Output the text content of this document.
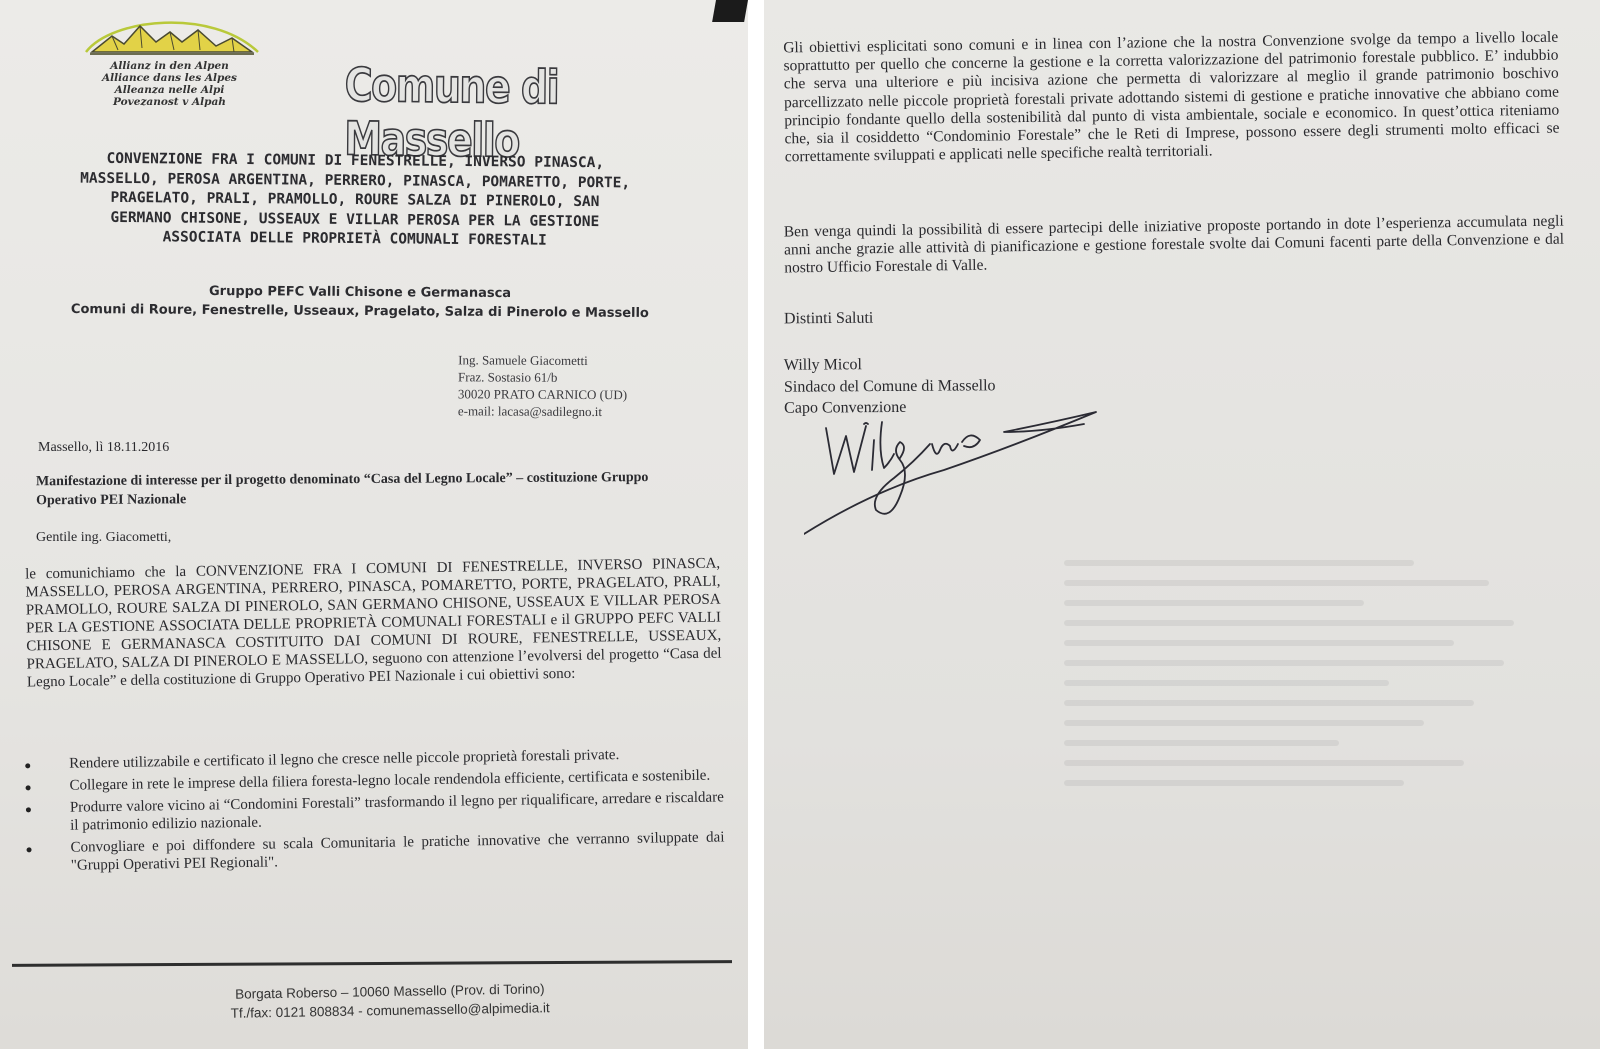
Allianz in den Alpen
Alliance dans les Alpes
Alleanza nelle Alpi
Povezanost v Alpah	Comune di Massello
CONVENZIONE FRA I COMUNI DI FENESTRELLE, INVERSO PINASCA,
MASSELLO, PEROSA ARGENTINA, PERRERO, PINASCA, POMARETTO, PORTE,
PRAGELATO, PRALI, PRAMOLLO, ROURE SALZA DI PINEROLO, SAN
GERMANO CHISONE, USSEAUX E VILLAR PEROSA PER LA GESTIONE
ASSOCIATA DELLE PROPRIETÀ COMUNALI FORESTALI
Gruppo PEFC Valli Chisone e Germanasca
Comuni di Roure, Fenestrelle, Usseaux, Pragelato, Salza di Pinerolo e Massello
Ing. Samuele Giacometti
Fraz. Sostasio 61/b
30020 PRATO CARNICO (UD)
e-mail: lacasa@sadilegno.it
Massello, lì 18.11.2016
Manifestazione di interesse per il progetto denominato “Casa del Legno Locale” – costituzione Gruppo Operativo PEI Nazionale
Gentile ing. Giacometti,
le comunichiamo che la CONVENZIONE FRA I COMUNI DI FENESTRELLE, INVERSO PINASCA, MASSELLO, PEROSA ARGENTINA, PERRERO, PINASCA, POMARETTO, PORTE, PRAGELATO, PRALI, PRAMOLLO, ROURE SALZA DI PINEROLO, SAN GERMANO CHISONE, USSEAUX E VILLAR PEROSA PER LA GESTIONE ASSOCIATA DELLE PROPRIETÀ COMUNALI FORESTALI e il GRUPPO PEFC VALLI CHISONE E GERMANASCA COSTITUITO DAI COMUNI DI ROURE, FENESTRELLE, USSEAUX, PRAGELATO, SALZA DI PINEROLO E MASSELLO, seguono con attenzione l’evolversi del progetto “Casa del Legno Locale” e della costituzione di Gruppo Operativo PEI Nazionale i cui obiettivi sono:
Rendere utilizzabile e certificato il legno che cresce nelle piccole proprietà forestali private.
Collegare in rete le imprese della filiera foresta-legno locale rendendola efficiente, certificata e sostenibile.
Produrre valore vicino ai “Condomini Forestali” trasformando il legno per riqualificare, arredare e riscaldare il patrimonio edilizio nazionale.
Convogliare e poi diffondere su scala Comunitaria le pratiche innovative che verranno sviluppate dai "Gruppi Operativi PEI Regionali".
Borgata Roberso – 10060 Massello (Prov. di Torino)
Tf./fax: 0121 808834 - comunemassello@alpimedia.it
Gli obiettivi esplicitati sono comuni e in linea con l’azione che la nostra Convenzione svolge da tempo a livello locale soprattutto per quello che concerne la gestione e la corretta valorizzazione del patrimonio forestale pubblico. E’ indubbio che serva una ulteriore e più incisiva azione che permetta di valorizzare al meglio il grande patrimonio boschivo parcellizzato nelle piccole proprietà forestali private adottando sistemi di gestione e pratiche innovative che abbiano come principio fondante quello della sostenibilità dal punto di vista ambientale, sociale e economico. In quest’ottica riteniamo che, sia il cosiddetto “Condominio Forestale” che le Reti di Imprese, possono essere degli strumenti molto efficaci se correttamente sviluppati e applicati nelle specifiche realtà territoriali.
Ben venga quindi la possibilità di essere partecipi delle iniziative proposte portando in dote l’esperienza accumulata negli anni anche grazie alle attività di pianificazione e gestione forestale svolte dai Comuni facenti parte della Convenzione e dal nostro Ufficio Forestale di Valle.
Distinti Saluti
Willy Micol
Sindaco del Comune di Massello
Capo Convenzione
